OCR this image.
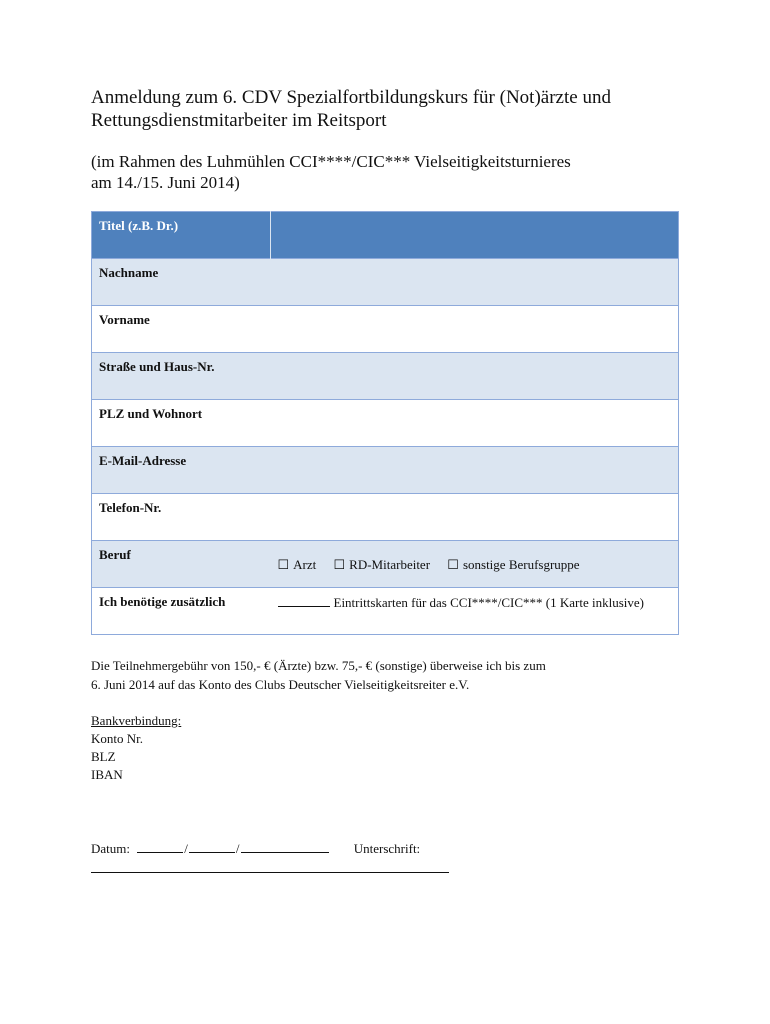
Anmeldung zum 6. CDV Spezialfortbildungskurs für (Not)ärzte und Rettungsdienstmitarbeiter im Reitsport
(im Rahmen des Luhmühlen CCI****/CIC*** Vielseitigkeitsturnieres
am 14./15. Juni 2014)
Titel (z.B. Dr.)	
Nachname	
Vorname	
Straße und Haus-Nr.	
PLZ und Wohnort	
E-Mail-Adresse	
Telefon-Nr.	
Beruf	☐ Arzt ☐ RD-Mitarbeiter ☐ sonstige Berufsgruppe

Ich benötige zusätzlich	Eintrittskarten für das CCI****/CIC*** (1 Karte inklusive)
Die Teilnehmergebühr von 150,- € (Ärzte) bzw. 75,- € (sonstige) überweise ich bis zum
6. Juni 2014 auf das Konto des Clubs Deutscher Vielseitigkeitsreiter e.V.
Bankverbindung:
Konto Nr.
BLZ
IBAN
Datum:	/	/	Unterschrift:
